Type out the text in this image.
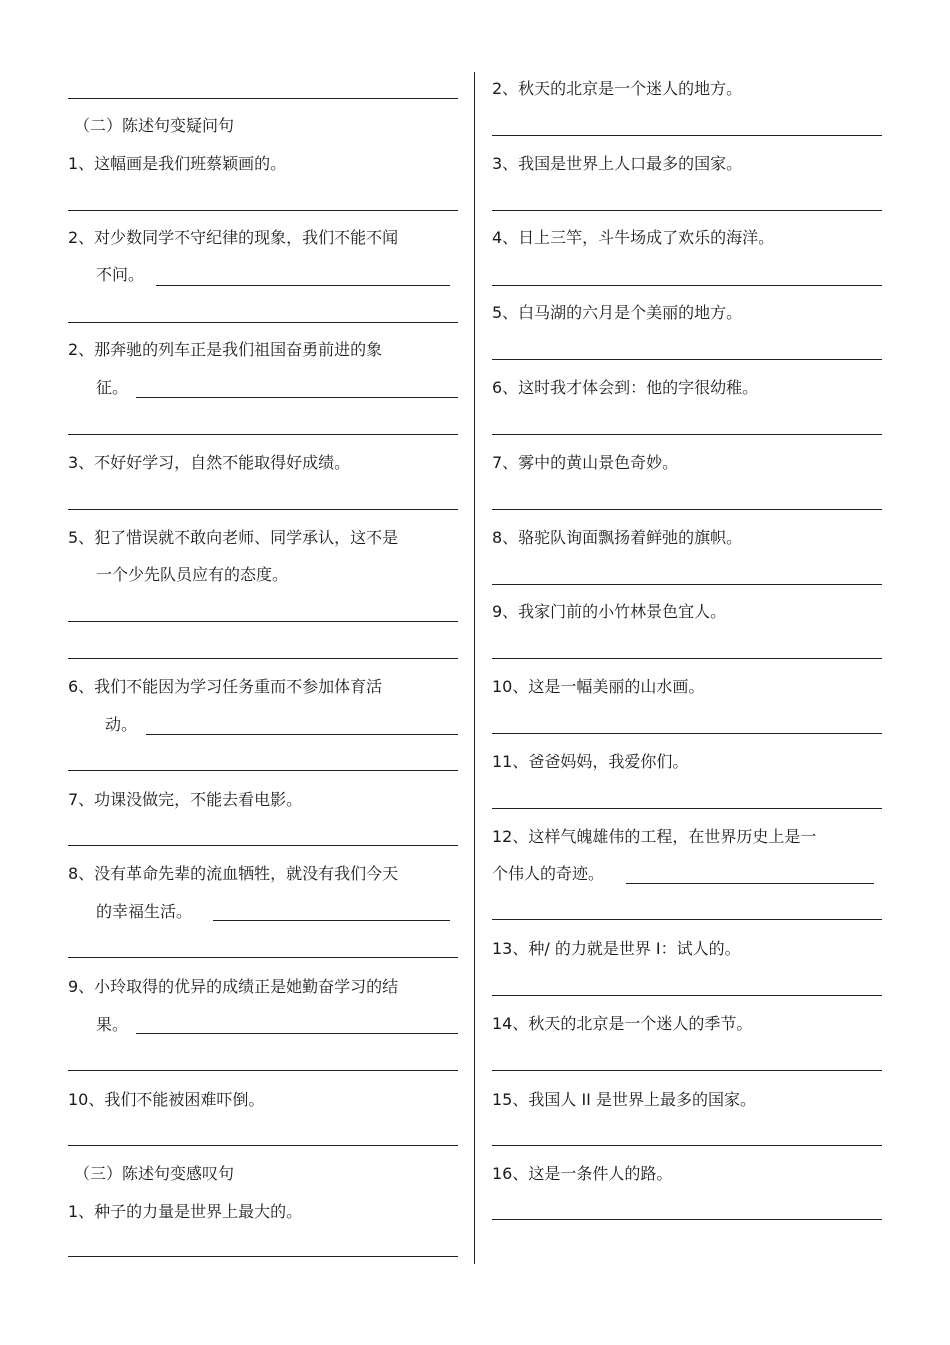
（二）陈述句变疑问句
1、这幅画是我们班蔡颖画的。
2、对少数同学不守纪律的现象，我们不能不闻
不问。
2、那奔驰的列车正是我们祖国奋勇前进的象
征。
3、不好好学习，自然不能取得好成绩。
5、犯了惜误就不敢向老师、同学承认，这不是
一个少先队员应有的态度。
6、我们不能因为学习任务重而不参加体育活
动。
7、功课没做完，不能去看电影。
8、没有革命先辈的流血牺牲，就没有我们今天
的幸福生活。
9、小玲取得的优异的成绩正是她勤奋学习的结
果。
10、我们不能被困难吓倒。
（三）陈述句变感叹句
1、种子的力量是世界上最大的。
2、秋天的北京是一个迷人的地方。
3、我国是世界上人口最多的国家。
4、日上三竿，斗牛场成了欢乐的海洋。
5、白马湖的六月是个美丽的地方。
6、这时我才体会到：他的字很幼稚。
7、雾中的黄山景色奇妙。
8、骆驼队询面飘扬着鲜弛的旗帜。
9、我家门前的小竹林景色宜人。
10、这是一幅美丽的山水画。
11、爸爸妈妈，我爱你们。
12、这样气魄雄伟的工程，在世界历史上是一
个伟人的奇迹。
13、种/ 的力就是世界 I：试人的。
14、秋天的北京是一个迷人的季节。
15、我国人 II 是世界上最多的国家。
16、这是一条件人的路。
